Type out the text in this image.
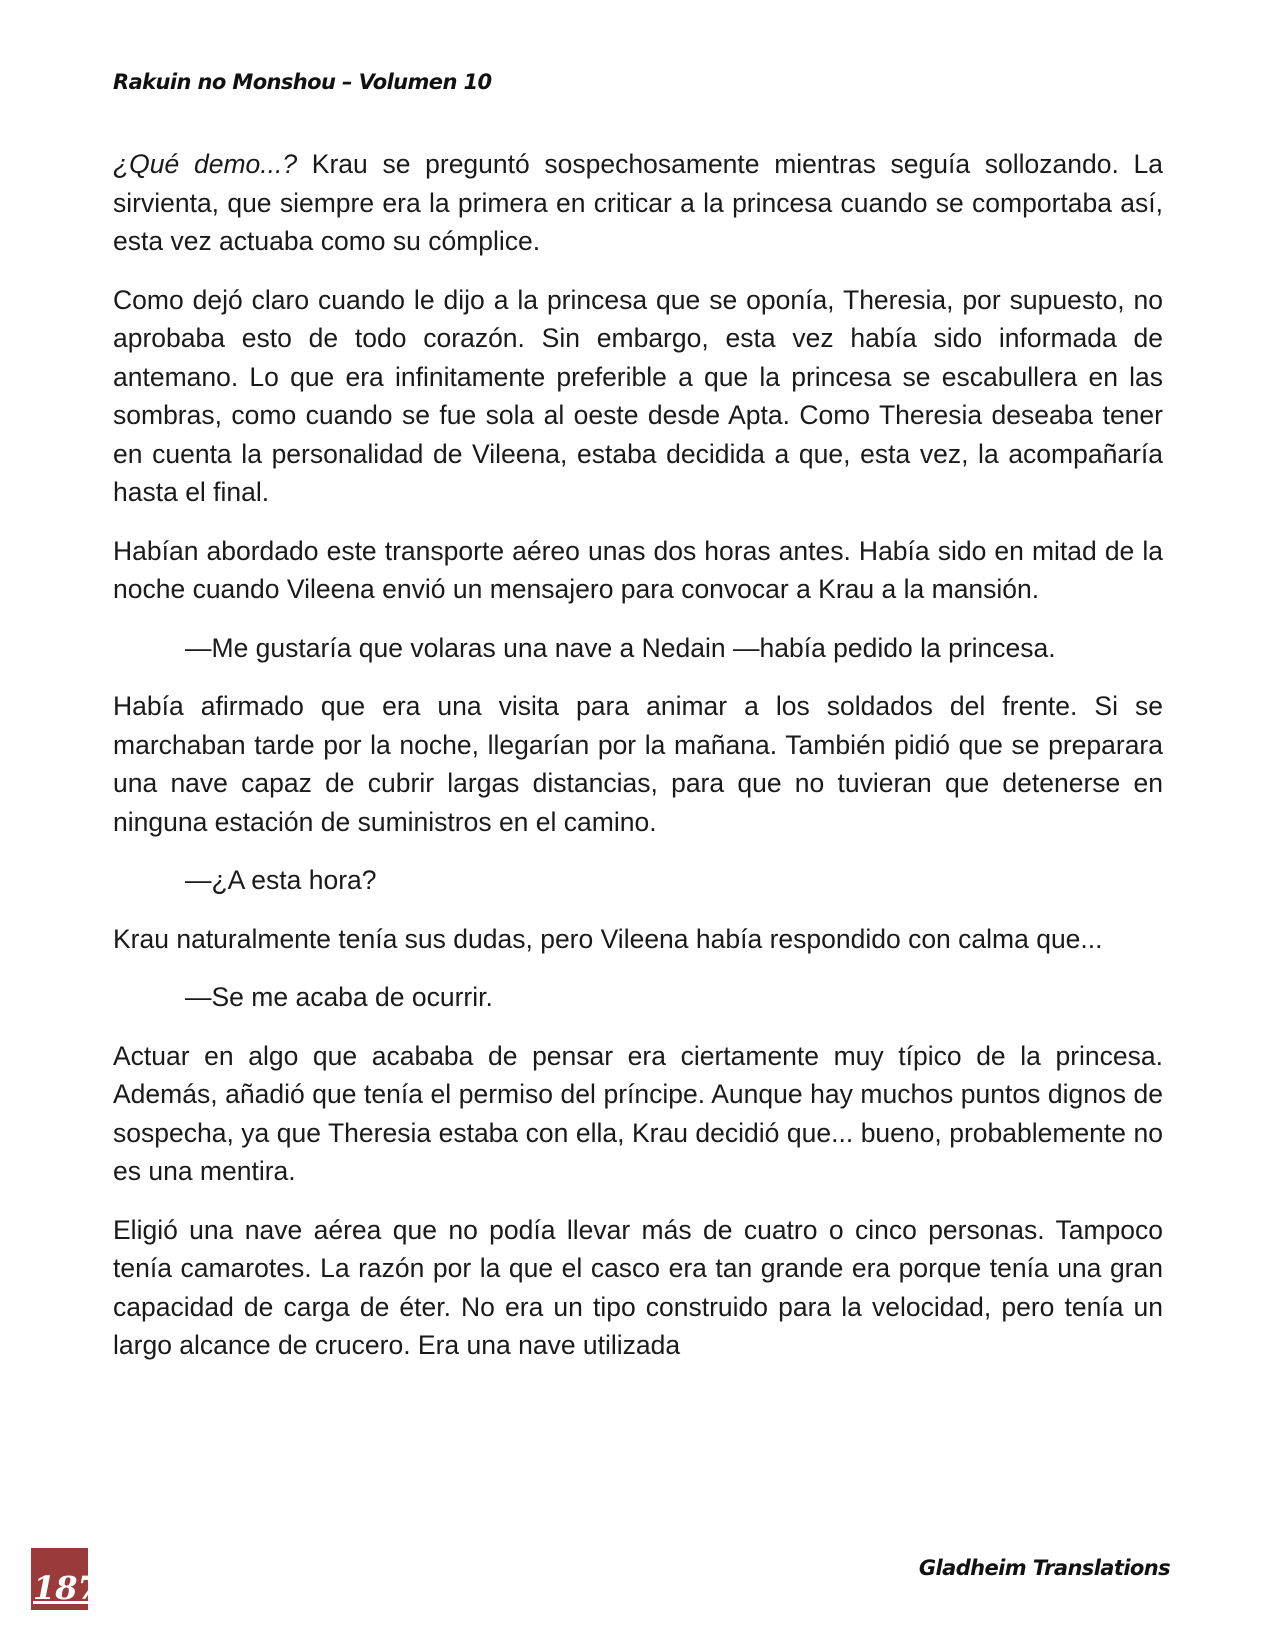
Rakuin no Monshou – Volumen 10

¿Qué demo...? Krau se preguntó sospechosamente mientras seguía sollozando. La sirvienta, que siempre era la primera en criticar a la princesa cuando se comportaba así, esta vez actuaba como su cómplice.

Como dejó claro cuando le dijo a la princesa que se oponía, Theresia, por supuesto, no aprobaba esto de todo corazón. Sin embargo, esta vez había sido informada de antemano. Lo que era infinitamente preferible a que la princesa se escabullera en las sombras, como cuando se fue sola al oeste desde Apta. Como Theresia deseaba tener en cuenta la personalidad de Vileena, estaba decidida a que, esta vez, la acompañaría hasta el final.

Habían abordado este transporte aéreo unas dos horas antes. Había sido en mitad de la noche cuando Vileena envió un mensajero para convocar a Krau a la mansión.

—Me gustaría que volaras una nave a Nedain —había pedido la princesa.

Había afirmado que era una visita para animar a los soldados del frente. Si se marchaban tarde por la noche, llegarían por la mañana. También pidió que se preparara una nave capaz de cubrir largas distancias, para que no tuvieran que detenerse en ninguna estación de suministros en el camino.

—¿A esta hora?

Krau naturalmente tenía sus dudas, pero Vileena había respondido con calma que...

—Se me acaba de ocurrir.

Actuar en algo que acababa de pensar era ciertamente muy típico de la princesa. Además, añadió que tenía el permiso del príncipe. Aunque hay muchos puntos dignos de sospecha, ya que Theresia estaba con ella, Krau decidió que... bueno, probablemente no es una mentira.

Eligió una nave aérea que no podía llevar más de cuatro o cinco personas. Tampoco tenía camarotes. La razón por la que el casco era tan grande era porque tenía una gran capacidad de carga de éter. No era un tipo construido para la velocidad, pero tenía un largo alcance de crucero. Era una nave utilizada

187
Gladheim Translations
